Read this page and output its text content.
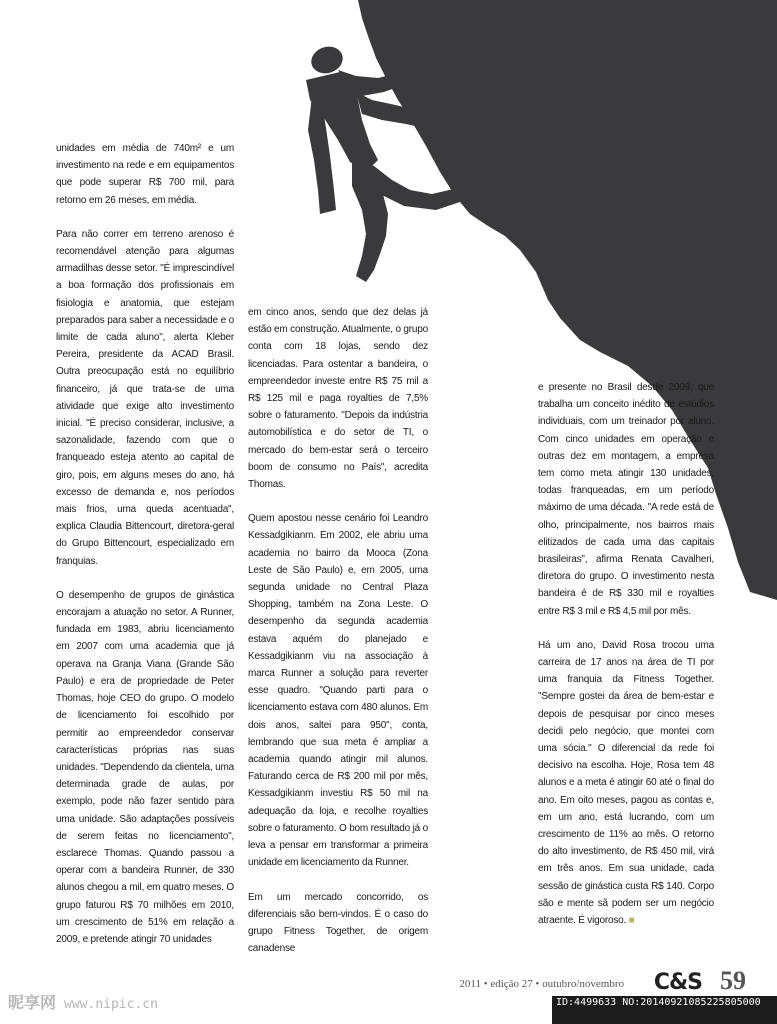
unidades em média de 740m² e um investimento na rede e em equipamentos que pode superar R$ 700 mil, para retorno em 26 meses, em média.

Para não correr em terreno arenoso é recomendável atenção para algumas armadilhas desse setor. "É imprescindível a boa formação dos profissionais em fisiologia e anatomia, que estejam preparados para saber a necessidade e o limite de cada aluno", alerta Kleber Pereira, presidente da ACAD Brasil. Outra preocupação está no equilíbrio financeiro, já que trata-se de uma atividade que exige alto investimento inicial. "É preciso considerar, inclusive, a sazonalidade, fazendo com que o franqueado esteja atento ao capital de giro, pois, em alguns meses do ano, há excesso de demanda e, nos períodos mais frios, uma queda acentuada", explica Claudia Bittencourt, diretora-geral do Grupo Bittencourt, especializado em franquias.

O desempenho de grupos de ginástica encorajam a atuação no setor. A Runner, fundada em 1983, abriu licenciamento em 2007 com uma academia que já operava na Granja Viana (Grande São Paulo) e era de propriedade de Peter Thomas, hoje CEO do grupo. O modelo de licenciamento foi escolhido por permitir ao empreendedor conservar características próprias nas suas unidades. "Dependendo da clientela, uma determinada grade de aulas, por exemplo, pode não fazer sentido para uma unidade. São adaptações possíveis de serem feitas no licenciamento", esclarece Thomas. Quando passou a operar com a bandeira Runner, de 330 alunos chegou a mil, em quatro meses. O grupo faturou R$ 70 milhões em 2010, um crescimento de 51% em relação a 2009, e pretende atingir 70 unidades

em cinco anos, sendo que dez delas já estão em construção. Atualmente, o grupo conta com 18 lojas, sendo dez licenciadas. Para ostentar a bandeira, o empreendedor investe entre R$ 75 mil a R$ 125 mil e paga royalties de 7,5% sobre o faturamento. "Depois da indústria automobilística e do setor de TI, o mercado do bem-estar será o terceiro boom de consumo no País", acredita Thomas.

Quem apostou nesse cenário foi Leandro Kessadgikianm. Em 2002, ele abriu uma academia no bairro da Mooca (Zona Leste de São Paulo) e, em 2005, uma segunda unidade no Central Plaza Shopping, também na Zona Leste. O desempenho da segunda academia estava aquém do planejado e Kessadgikianm viu na associação à marca Runner a solução para reverter esse quadro. "Quando parti para o licenciamento estava com 480 alunos. Em dois anos, saltei para 950", conta, lembrando que sua meta é ampliar a academia quando atingir mil alunos. Faturando cerca de R$ 200 mil por mês, Kessadgikianm investiu R$ 50 mil na adequação da loja, e recolhe royalties sobre o faturamento. O bom resultado já o leva a pensar em transformar a primeira unidade em licenciamento da Runner.

Em um mercado concorrido, os diferenciais são bem-vindos. É o caso do grupo Fitness Together, de origem canadense

e presente no Brasil desde 2009, que trabalha um conceito inédito de estúdios individuais, com um treinador por aluno. Com cinco unidades em operação e outras dez em montagem, a empresa tem como meta atingir 130 unidades, todas franqueadas, em um período máximo de uma década. "A rede está de olho, principalmente, nos bairros mais elitizados de cada uma das capitais brasileiras", afirma Renata Cavalheri, diretora do grupo. O investimento nesta bandeira é de R$ 330 mil e royalties entre R$ 3 mil e R$ 4,5 mil por mês.

Há um ano, David Rosa trocou uma carreira de 17 anos na área de TI por uma franquia da Fitness Together. "Sempre gostei da área de bem-estar e depois de pesquisar por cinco meses decidi pelo negócio, que montei com uma sócia." O diferencial da rede foi decisivo na escolha. Hoje, Rosa tem 48 alunos e a meta é atingir 60 até o final do ano. Em oito meses, pagou as contas e, em um ano, está lucrando, com um crescimento de 11% ao mês. O retorno do alto investimento, de R$ 450 mil, virá em três anos. Em sua unidade, cada sessão de ginástica custa R$ 140. Corpo são e mente sã podem ser um negócio atraente. É vigoroso. ■

2011 • edição 27 • outubro/novembro C&S 59
昵享网 www.nipic.cn	ID:4499633 NO:20140921085225805000
